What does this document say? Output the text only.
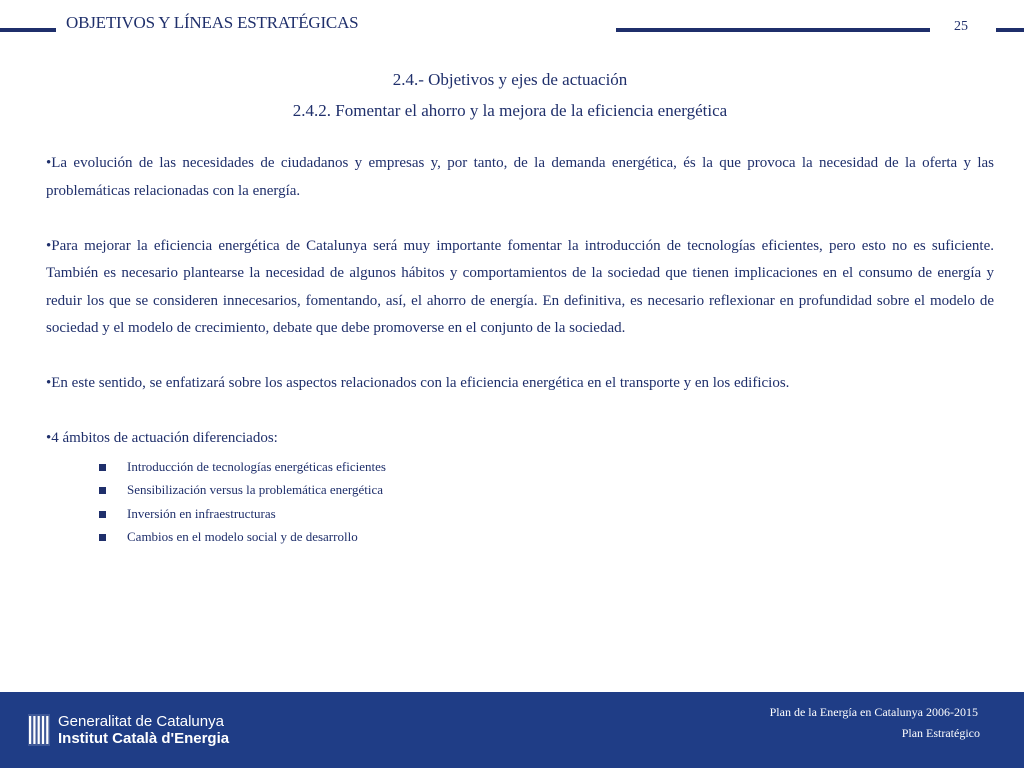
OBJETIVOS Y LÍNEAS ESTRATÉGICAS	25
2.4.- Objetivos y ejes de actuación
2.4.2. Fomentar el ahorro y la mejora de la eficiencia energética

•La evolución de las necesidades de ciudadanos y empresas y, por tanto, de la demanda energética, és la que provoca la necesidad de la oferta y las problemáticas relacionadas con la energía.

•Para mejorar la eficiencia energética de Catalunya será muy importante fomentar la introducción de tecnologías eficientes, pero esto no es suficiente. También es necesario plantearse la necesidad de algunos hábitos y comportamientos de la sociedad que tienen implicaciones en el consumo de energía y reduir los que se consideren innecesarios, fomentando, así, el ahorro de energía. En definitiva, es necesario reflexionar en profundidad sobre el modelo de sociedad y el modelo de crecimiento, debate que debe promoverse en el conjunto de la sociedad.

•En este sentido, se enfatizará sobre los aspectos relacionados con la eficiencia energética en el transporte y en los edificios.

•4 ámbitos de actuación diferenciados:

Introducción de tecnologías energéticas eficientes
Sensibilización versus la problemática energética
Inversión en infraestructuras
Cambios en el modelo social y de desarrollo
Generalitat de Catalunya
Institut Català d'Energia
Plan de la Energía en Catalunya 2006-2015
Plan Estratégico
